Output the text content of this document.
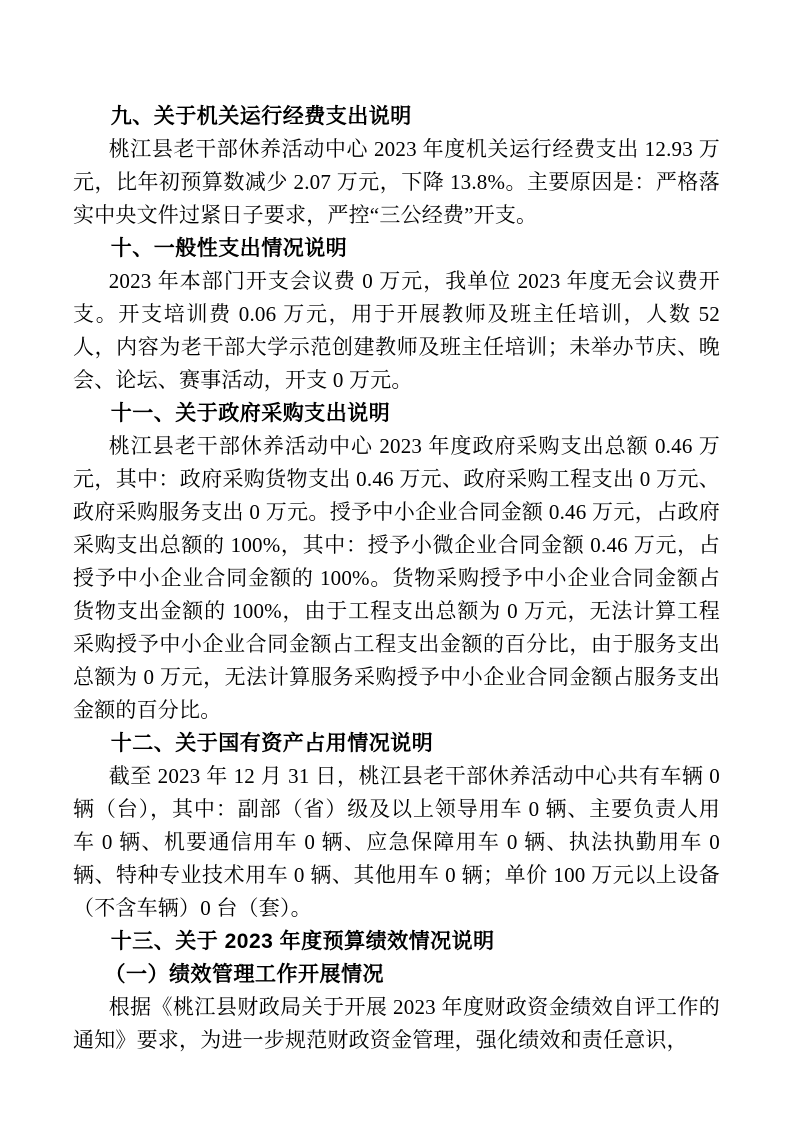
九、关于机关运行经费支出说明
桃江县老干部休养活动中心 2023 年度机关运行经费支出 12.93 万元，比年初预算数减少 2.07 万元，下降 13.8%。主要原因是：严格落实中央文件过紧日子要求，严控“三公经费”开支。
十、一般性支出情况说明
2023 年本部门开支会议费 0 万元，我单位 2023 年度无会议费开支。开支培训费 0.06 万元，用于开展教师及班主任培训，人数 52 人，内容为老干部大学示范创建教师及班主任培训；未举办节庆、晚会、论坛、赛事活动，开支 0 万元。
十一、关于政府采购支出说明
桃江县老干部休养活动中心 2023 年度政府采购支出总额 0.46 万元，其中：政府采购货物支出 0.46 万元、政府采购工程支出 0 万元、政府采购服务支出 0 万元。授予中小企业合同金额 0.46 万元，占政府采购支出总额的 100%，其中：授予小微企业合同金额 0.46 万元，占授予中小企业合同金额的 100%。货物采购授予中小企业合同金额占货物支出金额的 100%，由于工程支出总额为 0 万元，无法计算工程采购授予中小企业合同金额占工程支出金额的百分比，由于服务支出总额为 0 万元，无法计算服务采购授予中小企业合同金额占服务支出金额的百分比。
十二、关于国有资产占用情况说明
截至 2023 年 12 月 31 日，桃江县老干部休养活动中心共有车辆 0 辆（台），其中：副部（省）级及以上领导用车 0 辆、主要负责人用车 0 辆、机要通信用车 0 辆、应急保障用车 0 辆、执法执勤用车 0 辆、特种专业技术用车 0 辆、其他用车 0 辆；单价 100 万元以上设备（不含车辆）0 台（套）。
十三、关于 2023 年度预算绩效情况说明
（一）绩效管理工作开展情况
根据《桃江县财政局关于开展 2023 年度财政资金绩效自评工作的通知》要求，为进一步规范财政资金管理，强化绩效和责任意识，
